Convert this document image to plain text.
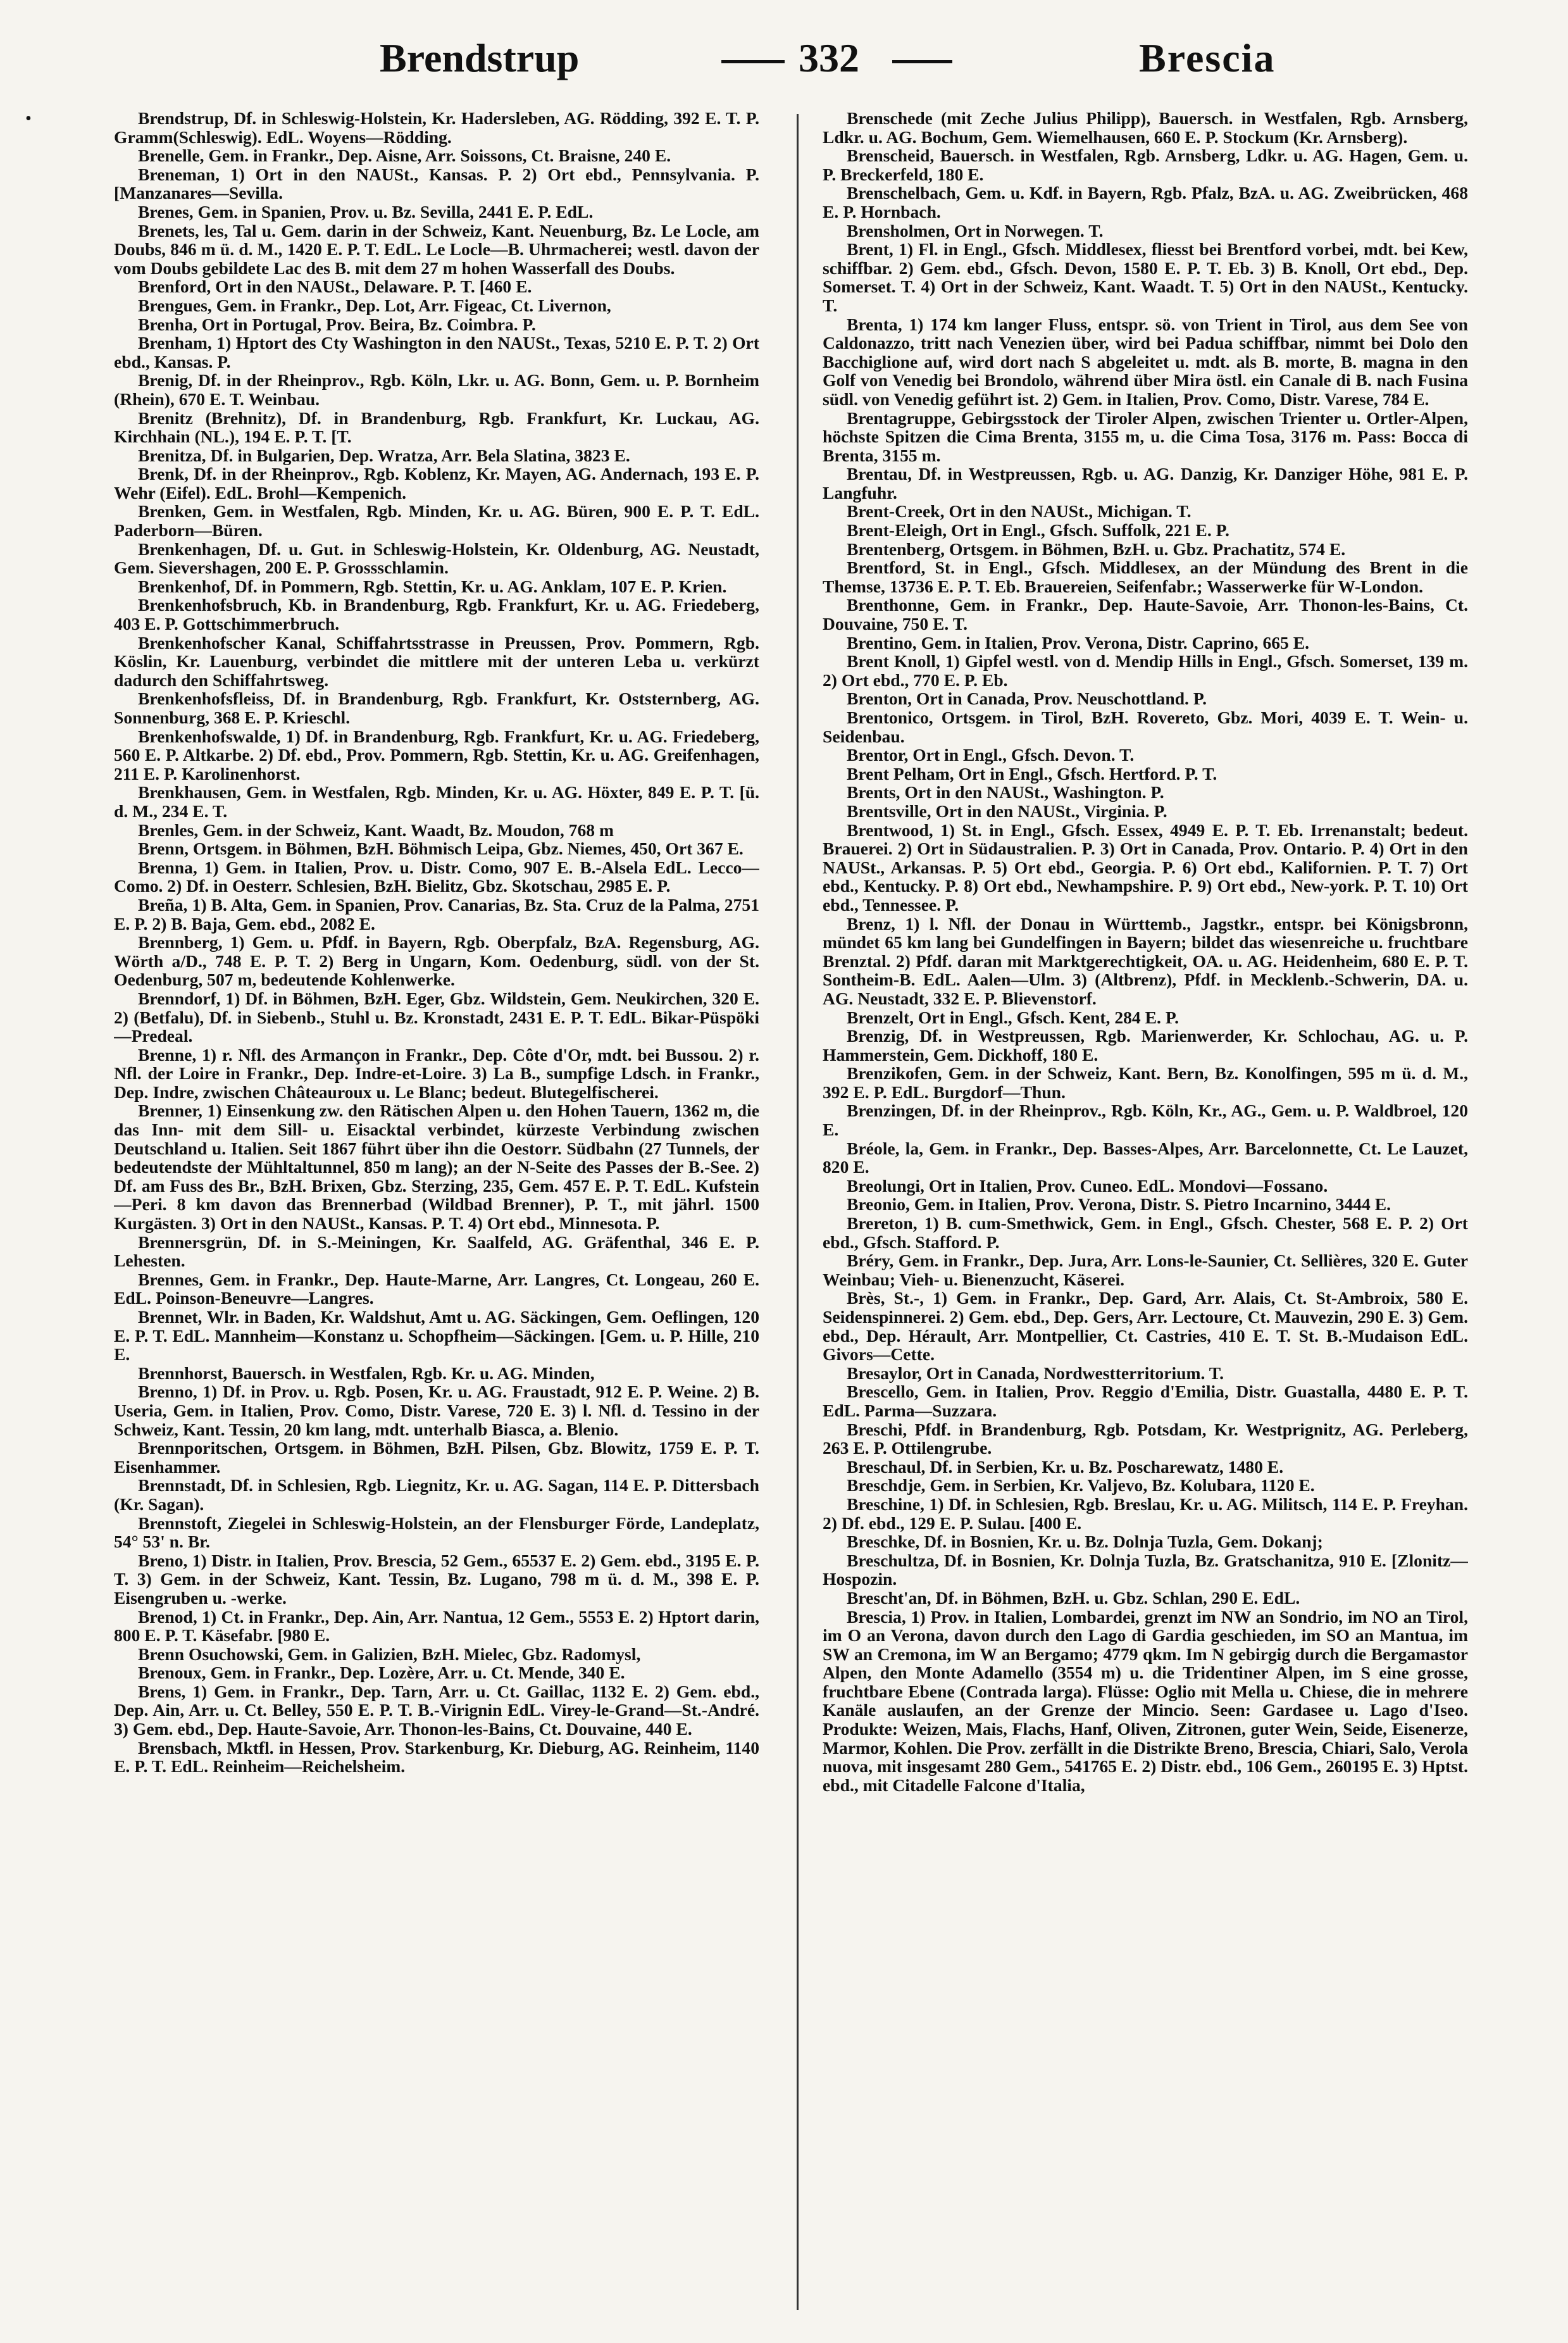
•
Brendstrup	332	Brescia

Brendstrup, Df. in Schleswig-Holstein, Kr. Hadersleben, AG. Rödding, 392 E. T. P. Gramm(Schleswig). EdL. Woyens—Rödding.

Brenelle, Gem. in Frankr., Dep. Aisne, Arr. Soissons, Ct. Braisne, 240 E.

Breneman, 1) Ort in den NAUSt., Kansas. P. 2) Ort ebd., Pennsylvania. P. [Manzanares—Sevilla.

Brenes, Gem. in Spanien, Prov. u. Bz. Sevilla, 2441 E. P. EdL.

Brenets, les, Tal u. Gem. darin in der Schweiz, Kant. Neuenburg, Bz. Le Locle, am Doubs, 846 m ü. d. M., 1420 E. P. T. EdL. Le Locle—B. Uhrmacherei; westl. davon der vom Doubs gebildete Lac des B. mit dem 27 m hohen Wasserfall des Doubs.

Brenford, Ort in den NAUSt., Delaware. P. T. [460 E.

Brengues, Gem. in Frankr., Dep. Lot, Arr. Figeac, Ct. Livernon,

Brenha, Ort in Portugal, Prov. Beira, Bz. Coimbra. P.

Brenham, 1) Hptort des Cty Washington in den NAUSt., Texas, 5210 E. P. T. 2) Ort ebd., Kansas. P.

Brenig, Df. in der Rheinprov., Rgb. Köln, Lkr. u. AG. Bonn, Gem. u. P. Bornheim (Rhein), 670 E. T. Weinbau.

Brenitz (Brehnitz), Df. in Brandenburg, Rgb. Frankfurt, Kr. Luckau, AG. Kirchhain (NL.), 194 E. P. T. [T.

Brenitza, Df. in Bulgarien, Dep. Wratza, Arr. Bela Slatina, 3823 E.

Brenk, Df. in der Rheinprov., Rgb. Koblenz, Kr. Mayen, AG. Andernach, 193 E. P. Wehr (Eifel). EdL. Brohl—Kempenich.

Brenken, Gem. in Westfalen, Rgb. Minden, Kr. u. AG. Büren, 900 E. P. T. EdL. Paderborn—Büren.

Brenkenhagen, Df. u. Gut. in Schleswig-Holstein, Kr. Oldenburg, AG. Neustadt, Gem. Sievershagen, 200 E. P. Grossschlamin.

Brenkenhof, Df. in Pommern, Rgb. Stettin, Kr. u. AG. Anklam, 107 E. P. Krien.

Brenkenhofsbruch, Kb. in Brandenburg, Rgb. Frankfurt, Kr. u. AG. Friedeberg, 403 E. P. Gottschimmerbruch.

Brenkenhofscher Kanal, Schiffahrtsstrasse in Preussen, Prov. Pommern, Rgb. Köslin, Kr. Lauenburg, verbindet die mittlere mit der unteren Leba u. verkürzt dadurch den Schiffahrtsweg.

Brenkenhofsfleiss, Df. in Brandenburg, Rgb. Frankfurt, Kr. Oststernberg, AG. Sonnenburg, 368 E. P. Krieschl.

Brenkenhofswalde, 1) Df. in Brandenburg, Rgb. Frankfurt, Kr. u. AG. Friedeberg, 560 E. P. Altkarbe. 2) Df. ebd., Prov. Pommern, Rgb. Stettin, Kr. u. AG. Greifenhagen, 211 E. P. Karolinenhorst.

Brenkhausen, Gem. in Westfalen, Rgb. Minden, Kr. u. AG. Höxter, 849 E. P. T. [ü. d. M., 234 E. T.

Brenles, Gem. in der Schweiz, Kant. Waadt, Bz. Moudon, 768 m

Brenn, Ortsgem. in Böhmen, BzH. Böhmisch Leipa, Gbz. Niemes, 450, Ort 367 E.

Brenna, 1) Gem. in Italien, Prov. u. Distr. Como, 907 E. B.-Alsela EdL. Lecco—Como. 2) Df. in Oesterr. Schlesien, BzH. Bielitz, Gbz. Skotschau, 2985 E. P.

Breña, 1) B. Alta, Gem. in Spanien, Prov. Canarias, Bz. Sta. Cruz de la Palma, 2751 E. P. 2) B. Baja, Gem. ebd., 2082 E.

Brennberg, 1) Gem. u. Pfdf. in Bayern, Rgb. Oberpfalz, BzA. Regensburg, AG. Wörth a/D., 748 E. P. T. 2) Berg in Ungarn, Kom. Oedenburg, südl. von der St. Oedenburg, 507 m, bedeutende Kohlenwerke.

Brenndorf, 1) Df. in Böhmen, BzH. Eger, Gbz. Wildstein, Gem. Neukirchen, 320 E. 2) (Betfalu), Df. in Siebenb., Stuhl u. Bz. Kronstadt, 2431 E. P. T. EdL. Bikar-Püspöki—Predeal.

Brenne, 1) r. Nfl. des Armançon in Frankr., Dep. Côte d'Or, mdt. bei Bussou. 2) r. Nfl. der Loire in Frankr., Dep. Indre-et-Loire. 3) La B., sumpfige Ldsch. in Frankr., Dep. Indre, zwischen Châteauroux u. Le Blanc; bedeut. Blutegelfischerei.

Brenner, 1) Einsenkung zw. den Rätischen Alpen u. den Hohen Tauern, 1362 m, die das Inn- mit dem Sill- u. Eisacktal verbindet, kürzeste Verbindung zwischen Deutschland u. Italien. Seit 1867 führt über ihn die Oestorr. Südbahn (27 Tunnels, der bedeutendste der Mühltaltunnel, 850 m lang); an der N-Seite des Passes der B.-See. 2) Df. am Fuss des Br., BzH. Brixen, Gbz. Sterzing, 235, Gem. 457 E. P. T. EdL. Kufstein—Peri. 8 km davon das Brennerbad (Wildbad Brenner), P. T., mit jährl. 1500 Kurgästen. 3) Ort in den NAUSt., Kansas. P. T. 4) Ort ebd., Minnesota. P.

Brennersgrün, Df. in S.-Meiningen, Kr. Saalfeld, AG. Gräfenthal, 346 E. P. Lehesten.

Brennes, Gem. in Frankr., Dep. Haute-Marne, Arr. Langres, Ct. Longeau, 260 E. EdL. Poinson-Beneuvre—Langres.

Brennet, Wlr. in Baden, Kr. Waldshut, Amt u. AG. Säckingen, Gem. Oeflingen, 120 E. P. T. EdL. Mannheim—Konstanz u. Schopfheim—Säckingen. [Gem. u. P. Hille, 210 E.

Brennhorst, Bauersch. in Westfalen, Rgb. Kr. u. AG. Minden,

Brenno, 1) Df. in Prov. u. Rgb. Posen, Kr. u. AG. Fraustadt, 912 E. P. Weine. 2) B. Useria, Gem. in Italien, Prov. Como, Distr. Varese, 720 E. 3) l. Nfl. d. Tessino in der Schweiz, Kant. Tessin, 20 km lang, mdt. unterhalb Biasca, a. Blenio.

Brennporitschen, Ortsgem. in Böhmen, BzH. Pilsen, Gbz. Blowitz, 1759 E. P. T. Eisenhammer.

Brennstadt, Df. in Schlesien, Rgb. Liegnitz, Kr. u. AG. Sagan, 114 E. P. Dittersbach (Kr. Sagan).

Brennstoft, Ziegelei in Schleswig-Holstein, an der Flensburger Förde, Landeplatz, 54° 53' n. Br.

Breno, 1) Distr. in Italien, Prov. Brescia, 52 Gem., 65537 E. 2) Gem. ebd., 3195 E. P. T. 3) Gem. in der Schweiz, Kant. Tessin, Bz. Lugano, 798 m ü. d. M., 398 E. P. Eisengruben u. -werke.

Brenod, 1) Ct. in Frankr., Dep. Ain, Arr. Nantua, 12 Gem., 5553 E. 2) Hptort darin, 800 E. P. T. Käsefabr. [980 E.

Brenn Osuchowski, Gem. in Galizien, BzH. Mielec, Gbz. Radomysl,

Brenoux, Gem. in Frankr., Dep. Lozère, Arr. u. Ct. Mende, 340 E.

Brens, 1) Gem. in Frankr., Dep. Tarn, Arr. u. Ct. Gaillac, 1132 E. 2) Gem. ebd., Dep. Ain, Arr. u. Ct. Belley, 550 E. P. T. B.-Virignin EdL. Virey-le-Grand—St.-André. 3) Gem. ebd., Dep. Haute-Savoie, Arr. Thonon-les-Bains, Ct. Douvaine, 440 E.

Brensbach, Mktfl. in Hessen, Prov. Starkenburg, Kr. Dieburg, AG. Reinheim, 1140 E. P. T. EdL. Reinheim—Reichelsheim.

Brenschede (mit Zeche Julius Philipp), Bauersch. in Westfalen, Rgb. Arnsberg, Ldkr. u. AG. Bochum, Gem. Wiemelhausen, 660 E. P. Stockum (Kr. Arnsberg).

Brenscheid, Bauersch. in Westfalen, Rgb. Arnsberg, Ldkr. u. AG. Hagen, Gem. u. P. Breckerfeld, 180 E.

Brenschelbach, Gem. u. Kdf. in Bayern, Rgb. Pfalz, BzA. u. AG. Zweibrücken, 468 E. P. Hornbach.

Brensholmen, Ort in Norwegen. T.

Brent, 1) Fl. in Engl., Gfsch. Middlesex, fliesst bei Brentford vorbei, mdt. bei Kew, schiffbar. 2) Gem. ebd., Gfsch. Devon, 1580 E. P. T. Eb. 3) B. Knoll, Ort ebd., Dep. Somerset. T. 4) Ort in der Schweiz, Kant. Waadt. T. 5) Ort in den NAUSt., Kentucky. T.

Brenta, 1) 174 km langer Fluss, entspr. sö. von Trient in Tirol, aus dem See von Caldonazzo, tritt nach Venezien über, wird bei Padua schiffbar, nimmt bei Dolo den Bacchiglione auf, wird dort nach S abgeleitet u. mdt. als B. morte, B. magna in den Golf von Venedig bei Brondolo, während über Mira östl. ein Canale di B. nach Fusina südl. von Venedig geführt ist. 2) Gem. in Italien, Prov. Como, Distr. Varese, 784 E.

Brentagruppe, Gebirgsstock der Tiroler Alpen, zwischen Trienter u. Ortler-Alpen, höchste Spitzen die Cima Brenta, 3155 m, u. die Cima Tosa, 3176 m. Pass: Bocca di Brenta, 3155 m.

Brentau, Df. in Westpreussen, Rgb. u. AG. Danzig, Kr. Danziger Höhe, 981 E. P. Langfuhr.

Brent-Creek, Ort in den NAUSt., Michigan. T.

Brent-Eleigh, Ort in Engl., Gfsch. Suffolk, 221 E. P.

Brentenberg, Ortsgem. in Böhmen, BzH. u. Gbz. Prachatitz, 574 E.

Brentford, St. in Engl., Gfsch. Middlesex, an der Mündung des Brent in die Themse, 13736 E. P. T. Eb. Brauereien, Seifenfabr.; Wasserwerke für W-London.

Brenthonne, Gem. in Frankr., Dep. Haute-Savoie, Arr. Thonon-les-Bains, Ct. Douvaine, 750 E. T.

Brentino, Gem. in Italien, Prov. Verona, Distr. Caprino, 665 E.

Brent Knoll, 1) Gipfel westl. von d. Mendip Hills in Engl., Gfsch. Somerset, 139 m. 2) Ort ebd., 770 E. P. Eb.

Brenton, Ort in Canada, Prov. Neuschottland. P.

Brentonico, Ortsgem. in Tirol, BzH. Rovereto, Gbz. Mori, 4039 E. T. Wein- u. Seidenbau.

Brentor, Ort in Engl., Gfsch. Devon. T.

Brent Pelham, Ort in Engl., Gfsch. Hertford. P. T.

Brents, Ort in den NAUSt., Washington. P.

Brentsville, Ort in den NAUSt., Virginia. P.

Brentwood, 1) St. in Engl., Gfsch. Essex, 4949 E. P. T. Eb. Irrenanstalt; bedeut. Brauerei. 2) Ort in Südaustralien. P. 3) Ort in Canada, Prov. Ontario. P. 4) Ort in den NAUSt., Arkansas. P. 5) Ort ebd., Georgia. P. 6) Ort ebd., Kalifornien. P. T. 7) Ort ebd., Kentucky. P. 8) Ort ebd., Newhampshire. P. 9) Ort ebd., New-york. P. T. 10) Ort ebd., Tennessee. P.

Brenz, 1) l. Nfl. der Donau in Württemb., Jagstkr., entspr. bei Königsbronn, mündet 65 km lang bei Gundelfingen in Bayern; bildet das wiesenreiche u. fruchtbare Brenztal. 2) Pfdf. daran mit Marktgerechtigkeit, OA. u. AG. Heidenheim, 680 E. P. T. Sontheim-B. EdL. Aalen—Ulm. 3) (Altbrenz), Pfdf. in Mecklenb.-Schwerin, DA. u. AG. Neustadt, 332 E. P. Blievenstorf.

Brenzelt, Ort in Engl., Gfsch. Kent, 284 E. P.

Brenzig, Df. in Westpreussen, Rgb. Marienwerder, Kr. Schlochau, AG. u. P. Hammerstein, Gem. Dickhoff, 180 E.

Brenzikofen, Gem. in der Schweiz, Kant. Bern, Bz. Konolfingen, 595 m ü. d. M., 392 E. P. EdL. Burgdorf—Thun.

Brenzingen, Df. in der Rheinprov., Rgb. Köln, Kr., AG., Gem. u. P. Waldbroel, 120 E.

Bréole, la, Gem. in Frankr., Dep. Basses-Alpes, Arr. Barcelonnette, Ct. Le Lauzet, 820 E.

Breolungi, Ort in Italien, Prov. Cuneo. EdL. Mondovi—Fossano.

Breonio, Gem. in Italien, Prov. Verona, Distr. S. Pietro Incarnino, 3444 E.

Brereton, 1) B. cum-Smethwick, Gem. in Engl., Gfsch. Chester, 568 E. P. 2) Ort ebd., Gfsch. Stafford. P.

Bréry, Gem. in Frankr., Dep. Jura, Arr. Lons-le-Saunier, Ct. Sellières, 320 E. Guter Weinbau; Vieh- u. Bienenzucht, Käserei.

Brès, St.-, 1) Gem. in Frankr., Dep. Gard, Arr. Alais, Ct. St-Ambroix, 580 E. Seidenspinnerei. 2) Gem. ebd., Dep. Gers, Arr. Lectoure, Ct. Mauvezin, 290 E. 3) Gem. ebd., Dep. Hérault, Arr. Montpellier, Ct. Castries, 410 E. T. St. B.-Mudaison EdL. Givors—Cette.

Bresaylor, Ort in Canada, Nordwestterritorium. T.

Brescello, Gem. in Italien, Prov. Reggio d'Emilia, Distr. Guastalla, 4480 E. P. T. EdL. Parma—Suzzara.

Breschi, Pfdf. in Brandenburg, Rgb. Potsdam, Kr. Westprignitz, AG. Perleberg, 263 E. P. Ottilengrube.

Breschaul, Df. in Serbien, Kr. u. Bz. Poscharewatz, 1480 E.

Breschdje, Gem. in Serbien, Kr. Valjevo, Bz. Kolubara, 1120 E.

Breschine, 1) Df. in Schlesien, Rgb. Breslau, Kr. u. AG. Militsch, 114 E. P. Freyhan. 2) Df. ebd., 129 E. P. Sulau. [400 E.

Breschke, Df. in Bosnien, Kr. u. Bz. Dolnja Tuzla, Gem. Dokanj;

Breschultza, Df. in Bosnien, Kr. Dolnja Tuzla, Bz. Gratschanitza, 910 E. [Zlonitz—Hospozin.

Brescht'an, Df. in Böhmen, BzH. u. Gbz. Schlan, 290 E. EdL.

Brescia, 1) Prov. in Italien, Lombardei, grenzt im NW an Sondrio, im NO an Tirol, im O an Verona, davon durch den Lago di Gardia geschieden, im SO an Mantua, im SW an Cremona, im W an Bergamo; 4779 qkm. Im N gebirgig durch die Bergamastor Alpen, den Monte Adamello (3554 m) u. die Tridentiner Alpen, im S eine grosse, fruchtbare Ebene (Contrada larga). Flüsse: Oglio mit Mella u. Chiese, die in mehrere Kanäle auslaufen, an der Grenze der Mincio. Seen: Gardasee u. Lago d'Iseo. Produkte: Weizen, Mais, Flachs, Hanf, Oliven, Zitronen, guter Wein, Seide, Eisenerze, Marmor, Kohlen. Die Prov. zerfällt in die Distrikte Breno, Brescia, Chiari, Salo, Verola nuova, mit insgesamt 280 Gem., 541765 E. 2) Distr. ebd., 106 Gem., 260195 E. 3) Hptst. ebd., mit Citadelle Falcone d'Italia,
